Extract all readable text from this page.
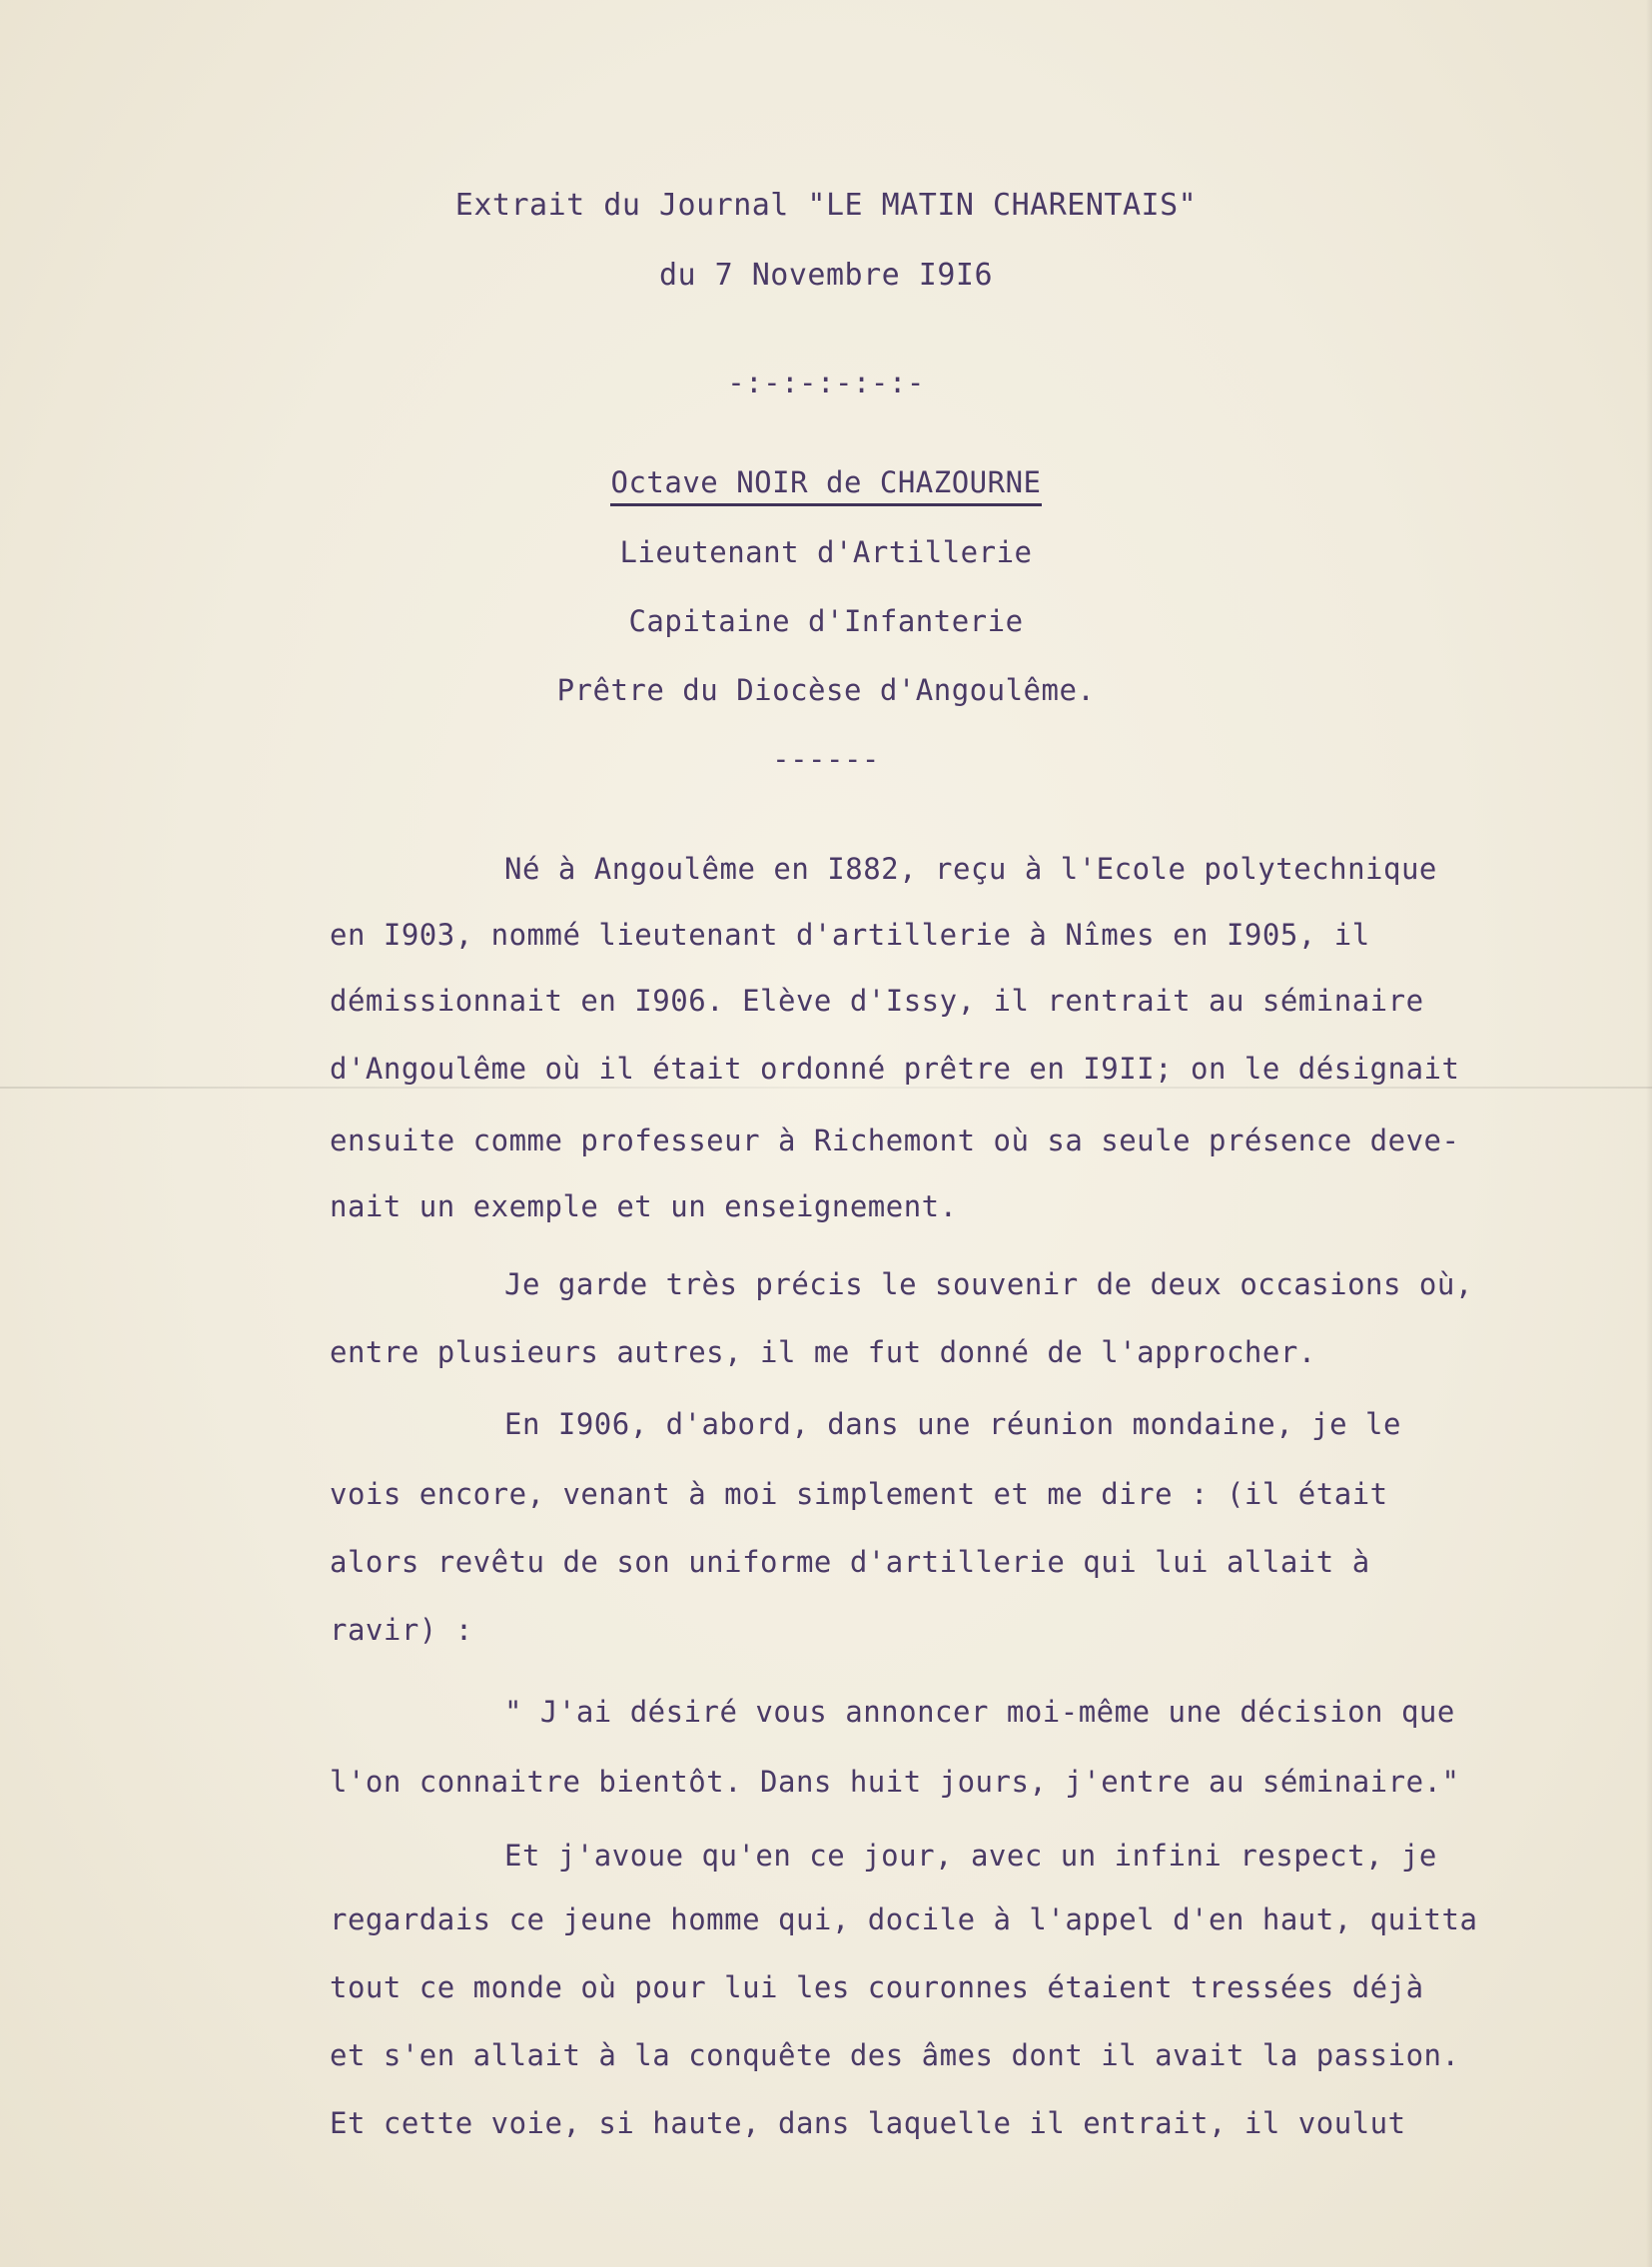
Extrait du Journal "LE MATIN CHARENTAIS"
du 7 Novembre I9I6
-:-:-:-:-:-
Octave NOIR de CHAZOURNE
Lieutenant d'Artillerie
Capitaine d'Infanterie
Prêtre du Diocèse d'Angoulême.
------
Né à Angoulême en I882, reçu à l'Ecole polytechnique
en I903, nommé lieutenant d'artillerie à Nîmes en I905, il
démissionnait en I906. Elève d'Issy, il rentrait au séminaire
d'Angoulême où il était ordonné prêtre en I9II; on le désignait
ensuite comme professeur à Richemont où sa seule présence deve-
nait un exemple et un enseignement.
Je garde très précis le souvenir de deux occasions où,
entre plusieurs autres, il me fut donné de l'approcher.
En I906, d'abord, dans une réunion mondaine, je le
vois encore, venant à moi simplement et me dire : (il était
alors revêtu de son uniforme d'artillerie qui lui allait à
ravir) :
" J'ai désiré vous annoncer moi-même une décision que
l'on connaitre bientôt. Dans huit jours, j'entre au séminaire."
Et j'avoue qu'en ce jour, avec un infini respect, je
regardais ce jeune homme qui, docile à l'appel d'en haut, quitta
tout ce monde où pour lui les couronnes étaient tressées déjà
et s'en allait à la conquête des âmes dont il avait la passion.
Et cette voie, si haute, dans laquelle il entrait, il voulut
